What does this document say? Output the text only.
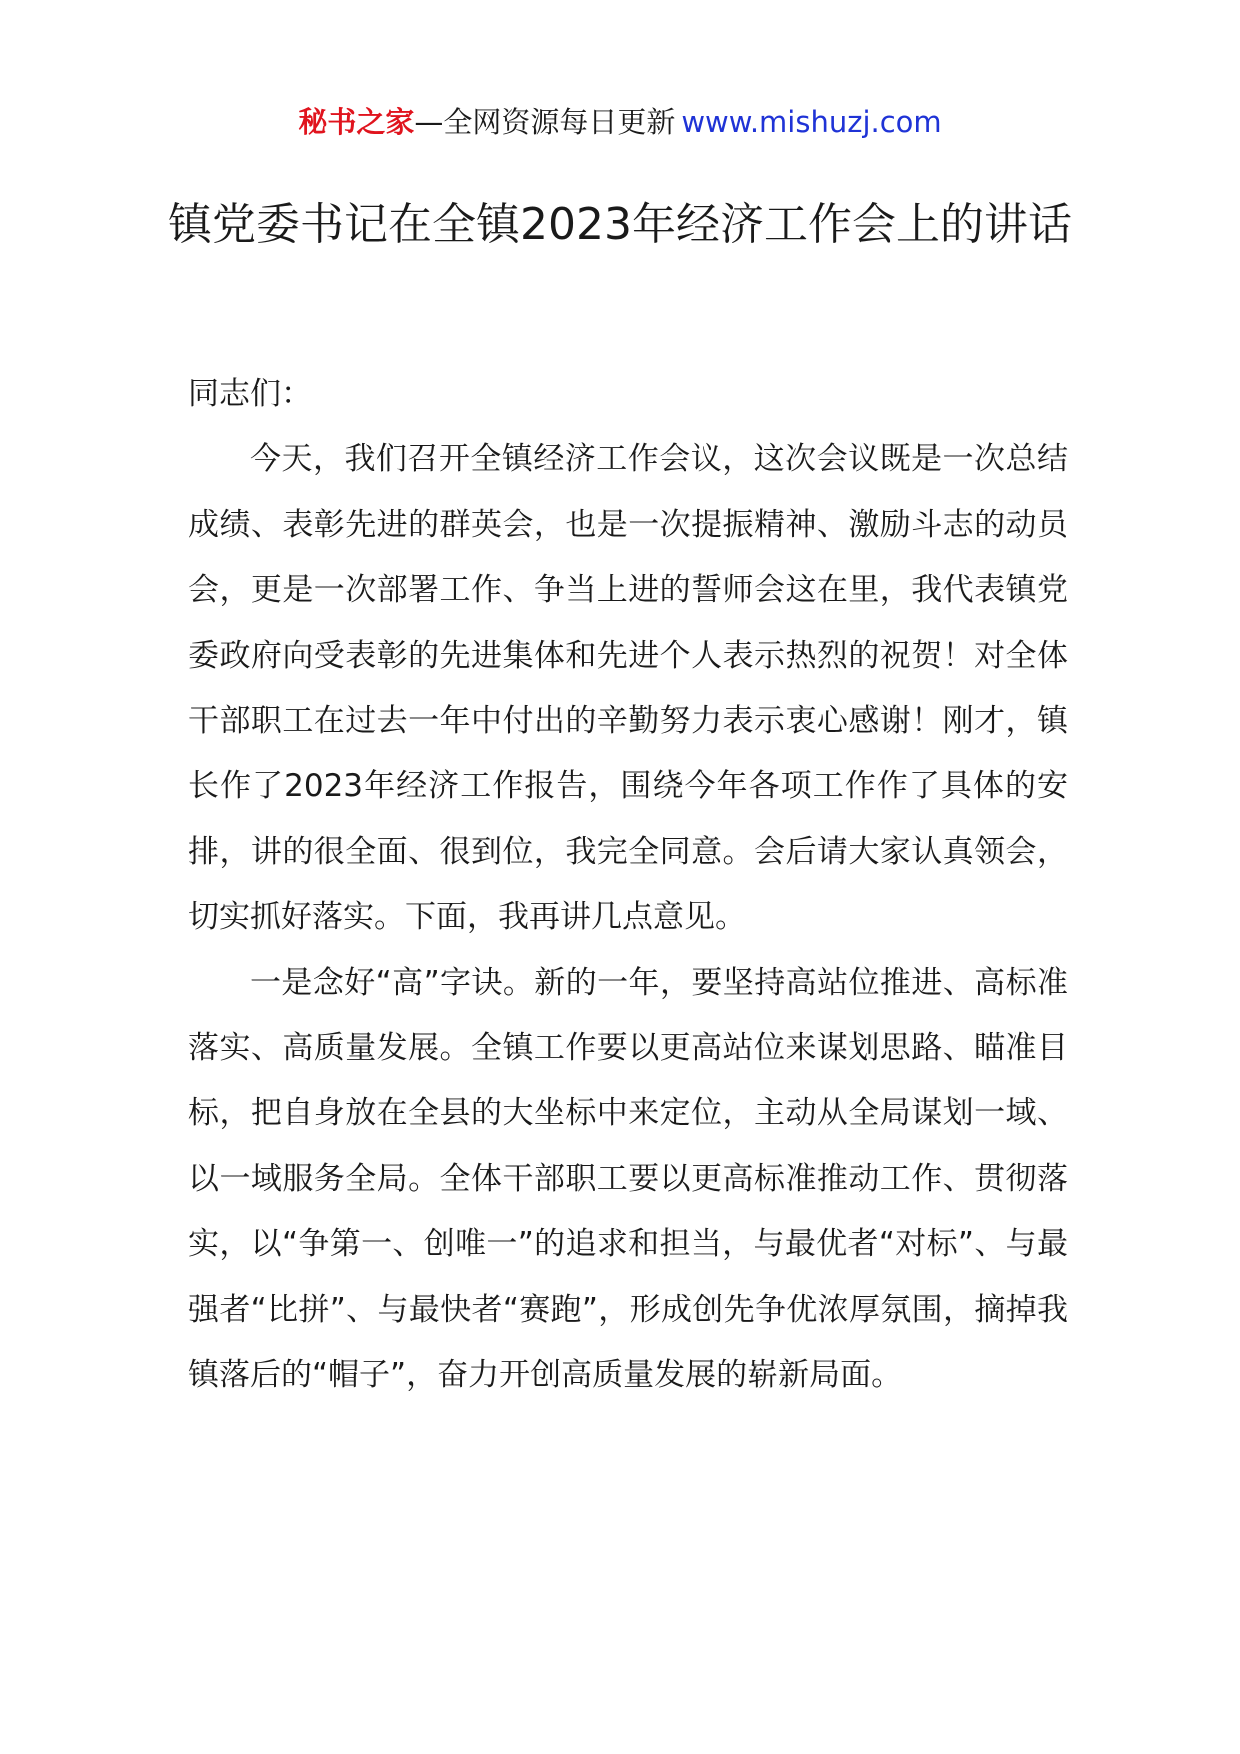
秘书之家—全网资源每日更新 www.mishuzj.com
镇党委书记在全镇2023年经济工作会上的讲话

同志们：

今天，我们召开全镇经济工作会议，这次会议既是一次总结成绩、表彰先进的群英会，也是一次提振精神、激励斗志的动员会，更是一次部署工作、争当上进的誓师会这在里，我代表镇党委政府向受表彰的先进集体和先进个人表示热烈的祝贺！对全体干部职工在过去一年中付出的辛勤努力表示衷心感谢！刚才，镇长作了2023年经济工作报告，围绕今年各项工作作了具体的安排，讲的很全面、很到位，我完全同意。会后请大家认真领会，切实抓好落实。下面，我再讲几点意见。

一是念好“高”字诀。新的一年，要坚持高站位推进、高标准落实、高质量发展。全镇工作要以更高站位来谋划思路、瞄准目标，把自身放在全县的大坐标中来定位，主动从全局谋划一域、以一域服务全局。全体干部职工要以更高标准推动工作、贯彻落实，以“争第一、创唯一”的追求和担当，与最优者“对标”、与最强者“比拼”、与最快者“赛跑”，形成创先争优浓厚氛围，摘掉我镇落后的“帽子”，奋力开创高质量发展的崭新局面。
